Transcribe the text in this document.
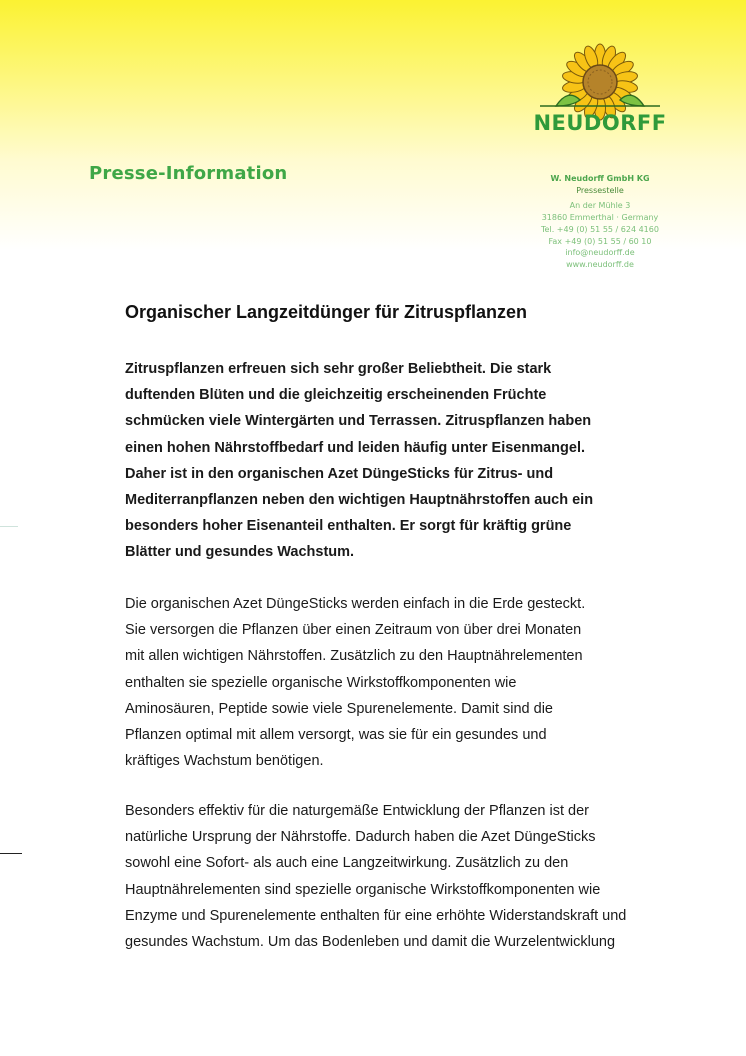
NEUDORFF
Presse-Information	W. Neudorff GmbH KG
Pressestelle
An der Mühle 3
31860 Emmerthal · Germany
Tel. +49 (0) 51 55 / 624 4160
Fax +49 (0) 51 55 / 60 10
info@neudorff.de
www.neudorff.de
Organischer Langzeitdünger für Zitruspflanzen

Zitruspflanzen erfreuen sich sehr großer Beliebtheit. Die stark
duftenden Blüten und die gleichzeitig erscheinenden Früchte
schmücken viele Wintergärten und Terrassen. Zitruspflanzen haben
einen hohen Nährstoffbedarf und leiden häufig unter Eisenmangel.
Daher ist in den organischen Azet DüngeSticks für Zitrus- und
Mediterranpflanzen neben den wichtigen Hauptnährstoffen auch ein
besonders hoher Eisenanteil enthalten. Er sorgt für kräftig grüne
Blätter und gesundes Wachstum.

Die organischen Azet DüngeSticks werden einfach in die Erde gesteckt.
Sie versorgen die Pflanzen über einen Zeitraum von über drei Monaten
mit allen wichtigen Nährstoffen. Zusätzlich zu den Hauptnährelementen
enthalten sie spezielle organische Wirkstoffkomponenten wie
Aminosäuren, Peptide sowie viele Spurenelemente. Damit sind die
Pflanzen optimal mit allem versorgt, was sie für ein gesundes und
kräftiges Wachstum benötigen.

Besonders effektiv für die naturgemäße Entwicklung der Pflanzen ist der
natürliche Ursprung der Nährstoffe. Dadurch haben die Azet DüngeSticks
sowohl eine Sofort- als auch eine Langzeitwirkung. Zusätzlich zu den
Hauptnährelementen sind spezielle organische Wirkstoffkomponenten wie
Enzyme und Spurenelemente enthalten für eine erhöhte Widerstandskraft und
gesundes Wachstum. Um das Bodenleben und damit die Wurzelentwicklung
